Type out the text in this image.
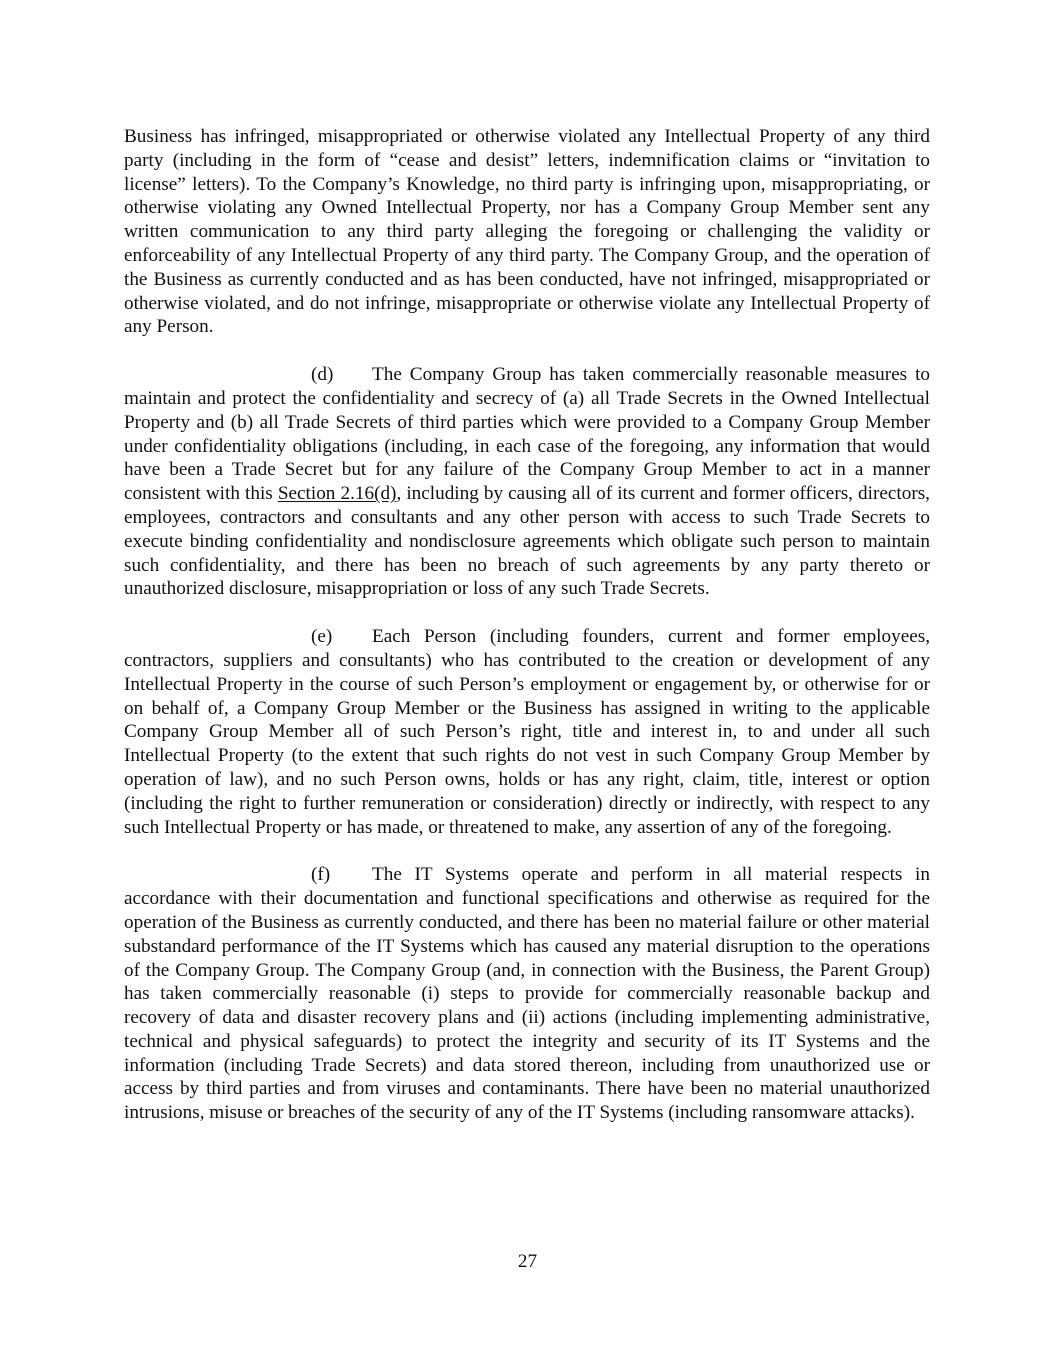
Business has infringed, misappropriated or otherwise violated any Intellectual Property of any third party (including in the form of “cease and desist” letters, indemnification claims or “invitation to license” letters). To the Company’s Knowledge, no third party is infringing upon, misappropriating, or otherwise violating any Owned Intellectual Property, nor has a Company Group Member sent any written communication to any third party alleging the foregoing or challenging the validity or enforceability of any Intellectual Property of any third party. The Company Group, and the operation of the Business as currently conducted and as has been conducted, have not infringed, misappropriated or otherwise violated, and do not infringe, misappropriate or otherwise violate any Intellectual Property of any Person.

(d) The Company Group has taken commercially reasonable measures to maintain and protect the confidentiality and secrecy of (a) all Trade Secrets in the Owned Intellectual Property and (b) all Trade Secrets of third parties which were provided to a Company Group Member under confidentiality obligations (including, in each case of the foregoing, any information that would have been a Trade Secret but for any failure of the Company Group Member to act in a manner consistent with this Section 2.16(d), including by causing all of its current and former officers, directors, employees, contractors and consultants and any other person with access to such Trade Secrets to execute binding confidentiality and nondisclosure agreements which obligate such person to maintain such confidentiality, and there has been no breach of such agreements by any party thereto or unauthorized disclosure, misappropriation or loss of any such Trade Secrets.

(e) Each Person (including founders, current and former employees, contractors, suppliers and consultants) who has contributed to the creation or development of any Intellectual Property in the course of such Person’s employment or engagement by, or otherwise for or on behalf of, a Company Group Member or the Business has assigned in writing to the applicable Company Group Member all of such Person’s right, title and interest in, to and under all such Intellectual Property (to the extent that such rights do not vest in such Company Group Member by operation of law), and no such Person owns, holds or has any right, claim, title, interest or option (including the right to further remuneration or consideration) directly or indirectly, with respect to any such Intellectual Property or has made, or threatened to make, any assertion of any of the foregoing.

(f) The IT Systems operate and perform in all material respects in accordance with their documentation and functional specifications and otherwise as required for the operation of the Business as currently conducted, and there has been no material failure or other material substandard performance of the IT Systems which has caused any material disruption to the operations of the Company Group. The Company Group (and, in connection with the Business, the Parent Group) has taken commercially reasonable (i) steps to provide for commercially reasonable backup and recovery of data and disaster recovery plans and (ii) actions (including implementing administrative, technical and physical safeguards) to protect the integrity and security of its IT Systems and the information (including Trade Secrets) and data stored thereon, including from unauthorized use or access by third parties and from viruses and contaminants. There have been no material unauthorized intrusions, misuse or breaches of the security of any of the IT Systems (including ransomware attacks).

27
